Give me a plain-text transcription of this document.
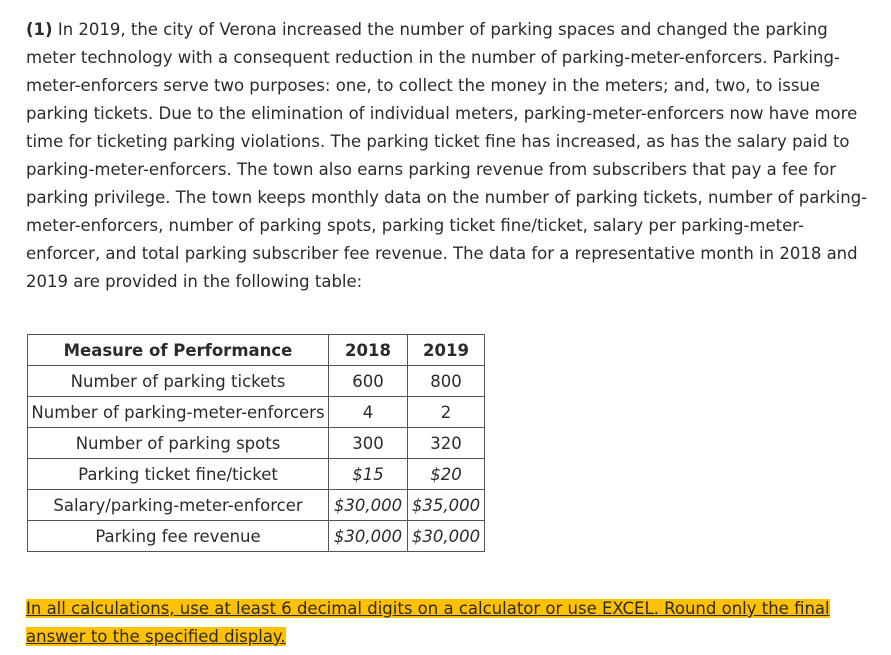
(1) In 2019, the city of Verona increased the number of parking spaces and changed the parking meter technology with a consequent reduction in the number of parking-meter-enforcers. Parking-meter-enforcers serve two purposes: one, to collect the money in the meters; and, two, to issue parking tickets. Due to the elimination of individual meters, parking-meter-enforcers now have more time for ticketing parking violations. The parking ticket fine has increased, as has the salary paid to parking-meter-enforcers. The town also earns parking revenue from subscribers that pay a fee for parking privilege. The town keeps monthly data on the number of parking tickets, number of parking-meter-enforcers, number of parking spots, parking ticket fine/ticket, salary per parking-meter-enforcer, and total parking subscriber fee revenue. The data for a representative month in 2018 and 2019 are provided in the following table:

Measure of Performance	2018	2019
Number of parking tickets	600	800
Number of parking-meter-enforcers	4	2
Number of parking spots	300	320
Parking ticket fine/ticket	$15	$20
Salary/parking-meter-enforcer	$30,000	$35,000
Parking fee revenue	$30,000	$30,000

In all calculations, use at least 6 decimal digits on a calculator or use EXCEL. Round only the final answer to the specified display.
